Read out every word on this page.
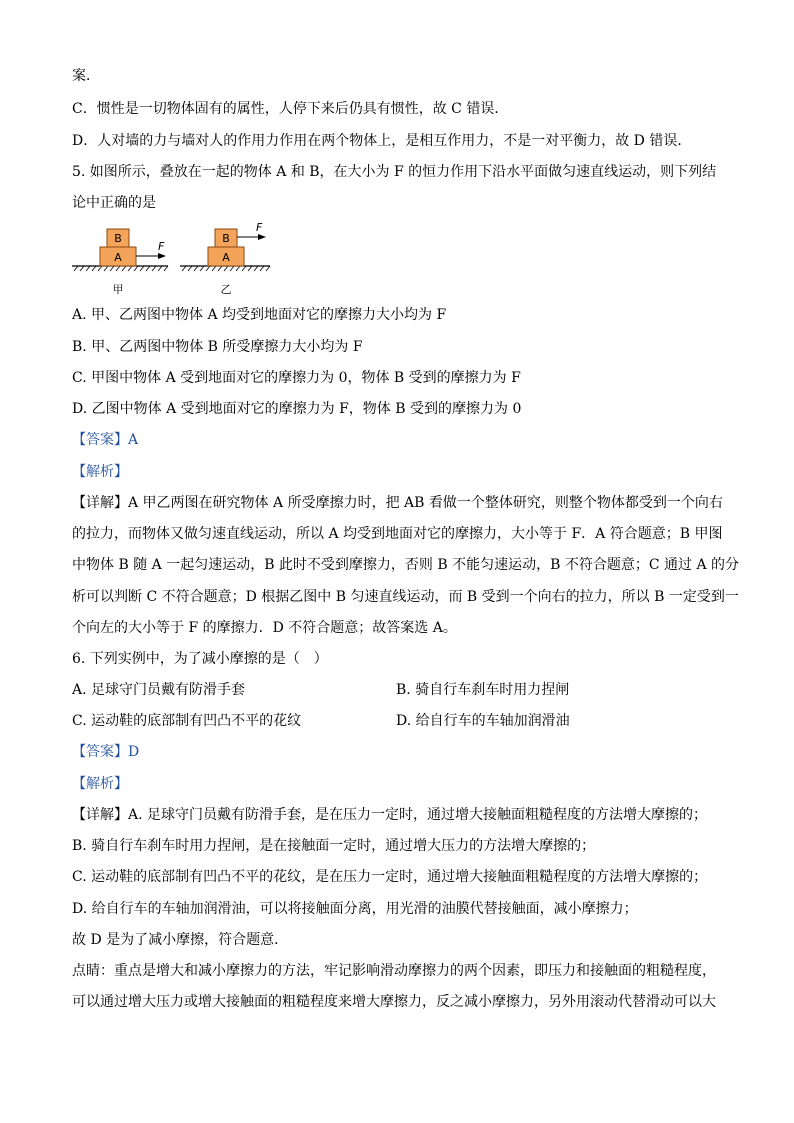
案．
C．惯性是一切物体固有的属性，人停下来后仍具有惯性，故 C 错误．
D．人对墙的力与墙对人的作用力作用在两个物体上，是相互作用力，不是一对平衡力，故 D 错误．
5. 如图所示，叠放在一起的物体 A 和 B，在大小为 F 的恒力作用下沿水平面做匀速直线运动，则下列结
论中正确的是
A
B
F
甲
A
B
F
乙
A. 甲、乙两图中物体 A 均受到地面对它的摩擦力大小均为 F
B. 甲、乙两图中物体 B 所受摩擦力大小均为 F
C. 甲图中物体 A 受到地面对它的摩擦力为 0，物体 B 受到的摩擦力为 F
D. 乙图中物体 A 受到地面对它的摩擦力为 F，物体 B 受到的摩擦力为 0
【答案】A
【解析】
【详解】A 甲乙两图在研究物体 A 所受摩擦力时，把 AB 看做一个整体研究，则整个物体都受到一个向右
的拉力，而物体又做匀速直线运动，所以 A 均受到地面对它的摩擦力，大小等于 F．A 符合题意；B 甲图
中物体 B 随 A 一起匀速运动，B 此时不受到摩擦力，否则 B 不能匀速运动，B 不符合题意；C 通过 A 的分
析可以判断 C 不符合题意；D 根据乙图中 B 匀速直线运动，而 B 受到一个向右的拉力，所以 B 一定受到一
个向左的大小等于 F 的摩擦力．D 不符合题意；故答案选 A。
6. 下列实例中，为了减小摩擦的是（　）
A. 足球守门员戴有防滑手套	B. 骑自行车刹车时用力捏闸
C. 运动鞋的底部制有凹凸不平的花纹	D. 给自行车的车轴加润滑油
【答案】D
【解析】
【详解】A. 足球守门员戴有防滑手套，是在压力一定时，通过增大接触面粗糙程度的方法增大摩擦的；
B. 骑自行车刹车时用力捏闸，是在接触面一定时，通过增大压力的方法增大摩擦的；
C. 运动鞋的底部制有凹凸不平的花纹，是在压力一定时，通过增大接触面粗糙程度的方法增大摩擦的；
D. 给自行车的车轴加润滑油，可以将接触面分离，用光滑的油膜代替接触面，减小摩擦力；
故 D 是为了减小摩擦，符合题意．
点睛：重点是增大和减小摩擦力的方法，牢记影响滑动摩擦力的两个因素，即压力和接触面的粗糙程度，
可以通过增大压力或增大接触面的粗糙程度来增大摩擦力，反之减小摩擦力，另外用滚动代替滑动可以大
